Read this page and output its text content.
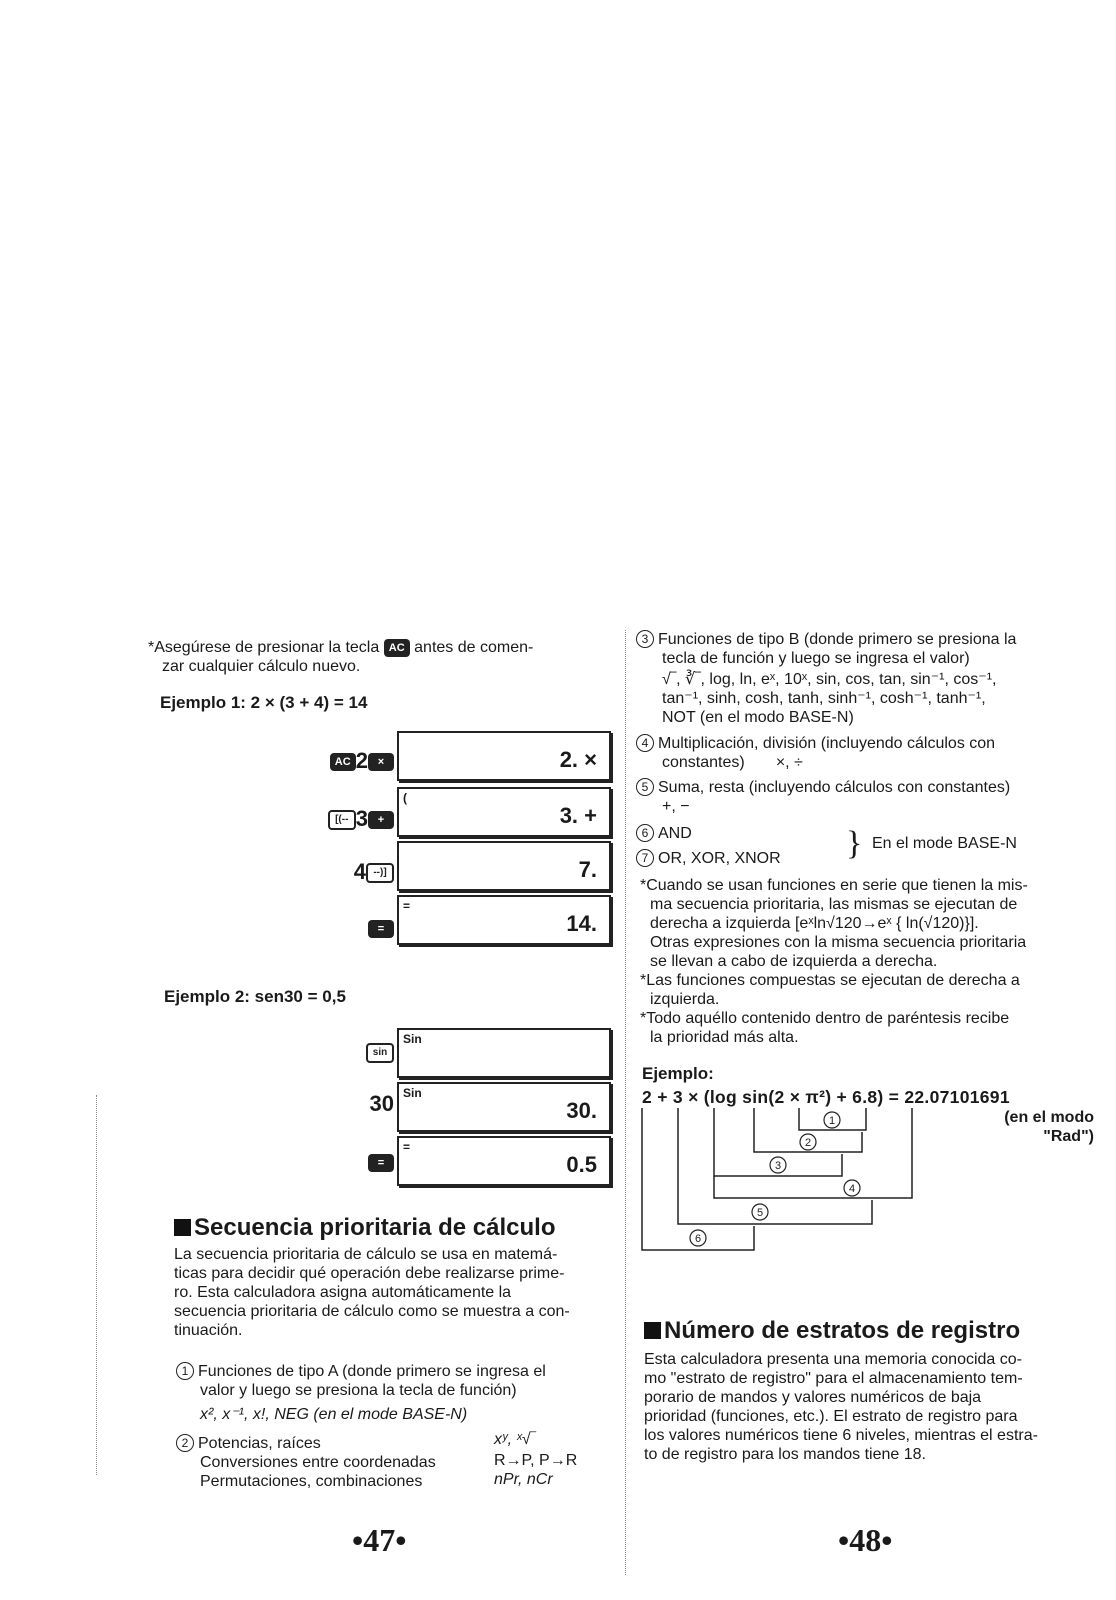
*Asegúrese de presionar la tecla AC antes de comen-
zar cualquier cálculo nuevo.
Ejemplo 1: 2 × (3 + 4) = 14
AC 2 ×
[(-- 3 +
4 --)]
=
2. ×
(
3. +
7.
=
14.
Ejemplo 2: sen30 = 0,5
sin
30
=
Sin
Sin
30.
=
0.5
Secuencia prioritaria de cálculo
La secuencia prioritaria de cálculo se usa en matemá-
ticas para decidir qué operación debe realizarse prime-
ro. Esta calculadora asigna automáticamente la
secuencia prioritaria de cálculo como se muestra a con-
tinuación.
1 Funciones de tipo A (donde primero se ingresa el
valor y luego se presiona la tecla de función)
x², x⁻¹, x!, NEG (en el mode BASE-N)
2 Potencias, raíces
Conversiones entre coordenadas
Permutaciones, combinaciones
xʸ, ˣ√‾
R→P, P→R
nPr, nCr
•47•
3 Funciones de tipo B (donde primero se presiona la
tecla de función y luego se ingresa el valor)
√‾, ∛‾, log, ln, eˣ, 10ˣ, sin, cos, tan, sin⁻¹, cos⁻¹,
tan⁻¹, sinh, cosh, tanh, sinh⁻¹, cosh⁻¹, tanh⁻¹,
NOT (en el modo BASE-N)
4 Multiplicación, división (incluyendo cálculos con
constantes)       ×, ÷
5 Suma, resta (incluyendo cálculos con constantes)
+, −
6 AND
7 OR, XOR, XNOR } En el mode BASE-N
*Cuando se usan funciones en serie que tienen la mis-
ma secuencia prioritaria, las mismas se ejecutan de
derecha a izquierda [eˣln√120→eˣ { ln(√120)}].
Otras expresiones con la misma secuencia prioritaria
se llevan a cabo de izquierda a derecha.
*Las funciones compuestas se ejecutan de derecha a
izquierda.
*Todo aquéllo contenido dentro de paréntesis recibe
la prioridad más alta.
Ejemplo:
2 + 3 × (log sin(2 × π²) + 6.8) = 22.07101691
(en el modo
"Rad")
1
2
3
4
5
6
Número de estratos de registro
Esta calculadora presenta una memoria conocida co-
mo "estrato de registro" para el almacenamiento tem-
porario de mandos y valores numéricos de baja
prioridad (funciones, etc.). El estrato de registro para
los valores numéricos tiene 6 niveles, mientras el estra-
to de registro para los mandos tiene 18.
•48•
